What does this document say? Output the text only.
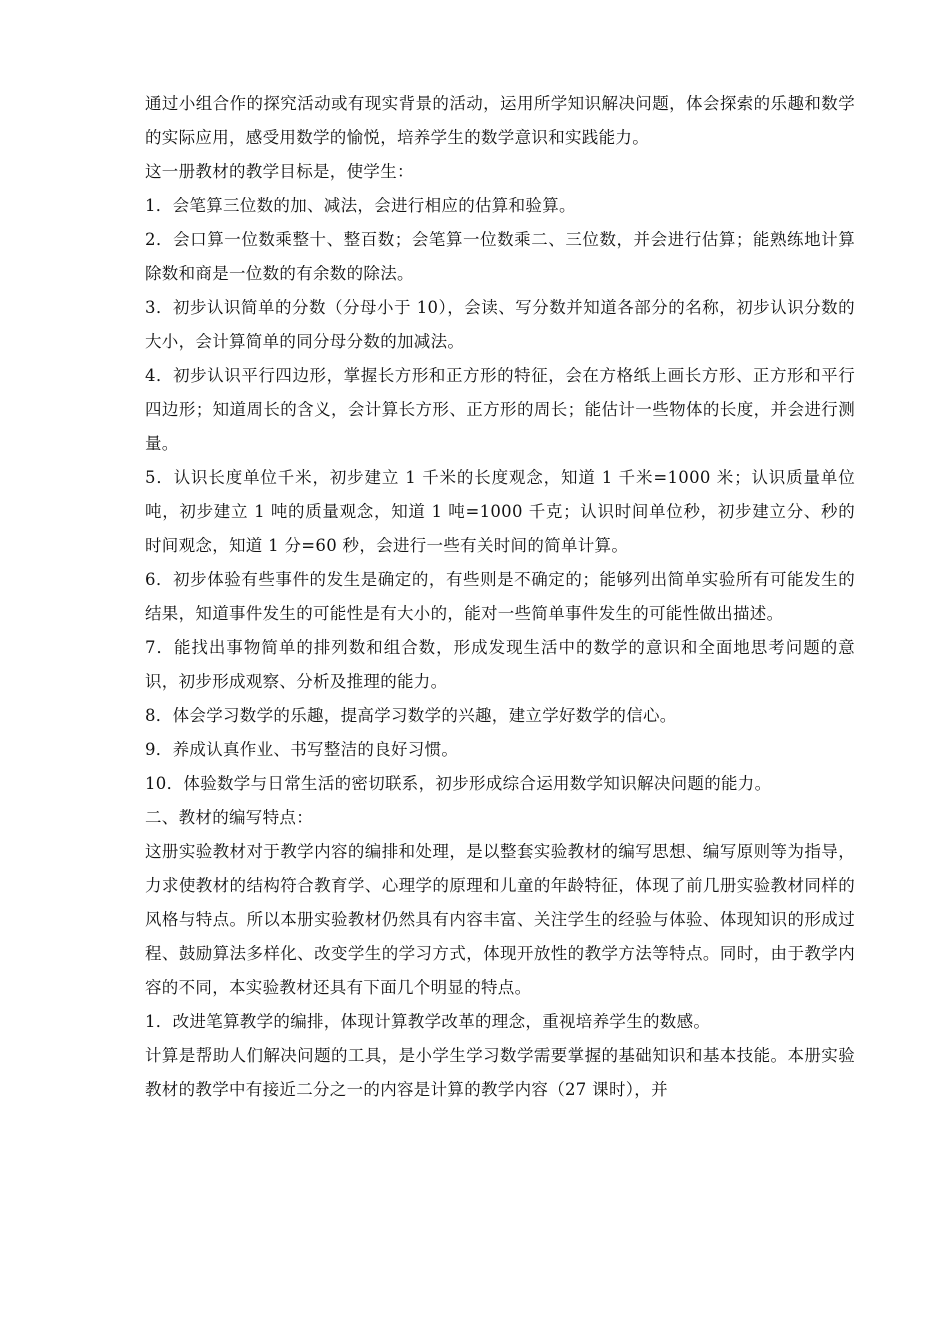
通过小组合作的探究活动或有现实背景的活动，运用所学知识解决问题，体会探索的乐趣和数学的实际应用，感受用数学的愉悦，培养学生的数学意识和实践能力。

这一册教材的教学目标是，使学生：

1．会笔算三位数的加、减法，会进行相应的估算和验算。

2．会口算一位数乘整十、整百数；会笔算一位数乘二、三位数，并会进行估算；能熟练地计算除数和商是一位数的有余数的除法。

3．初步认识简单的分数（分母小于 10），会读、写分数并知道各部分的名称，初步认识分数的大小，会计算简单的同分母分数的加减法。

4．初步认识平行四边形，掌握长方形和正方形的特征，会在方格纸上画长方形、正方形和平行四边形；知道周长的含义，会计算长方形、正方形的周长；能估计一些物体的长度，并会进行测量。

5．认识长度单位千米，初步建立 1 千米的长度观念，知道 1 千米=1000 米；认识质量单位吨，初步建立 1 吨的质量观念，知道 1 吨=1000 千克；认识时间单位秒，初步建立分、秒的时间观念，知道 1 分=60 秒，会进行一些有关时间的简单计算。

6．初步体验有些事件的发生是确定的，有些则是不确定的；能够列出简单实验所有可能发生的结果，知道事件发生的可能性是有大小的，能对一些简单事件发生的可能性做出描述。

7．能找出事物简单的排列数和组合数，形成发现生活中的数学的意识和全面地思考问题的意识，初步形成观察、分析及推理的能力。

8．体会学习数学的乐趣，提高学习数学的兴趣，建立学好数学的信心。

9．养成认真作业、书写整洁的良好习惯。

10．体验数学与日常生活的密切联系，初步形成综合运用数学知识解决问题的能力。

二、教材的编写特点：

这册实验教材对于教学内容的编排和处理，是以整套实验教材的编写思想、编写原则等为指导，力求使教材的结构符合教育学、心理学的原理和儿童的年龄特征，体现了前几册实验教材同样的风格与特点。所以本册实验教材仍然具有内容丰富、关注学生的经验与体验、体现知识的形成过程、鼓励算法多样化、改变学生的学习方式，体现开放性的教学方法等特点。同时，由于教学内容的不同，本实验教材还具有下面几个明显的特点。

1．改进笔算教学的编排，体现计算教学改革的理念，重视培养学生的数感。

计算是帮助人们解决问题的工具，是小学生学习数学需要掌握的基础知识和基本技能。本册实验教材的教学中有接近二分之一的内容是计算的教学内容（27 课时），并
